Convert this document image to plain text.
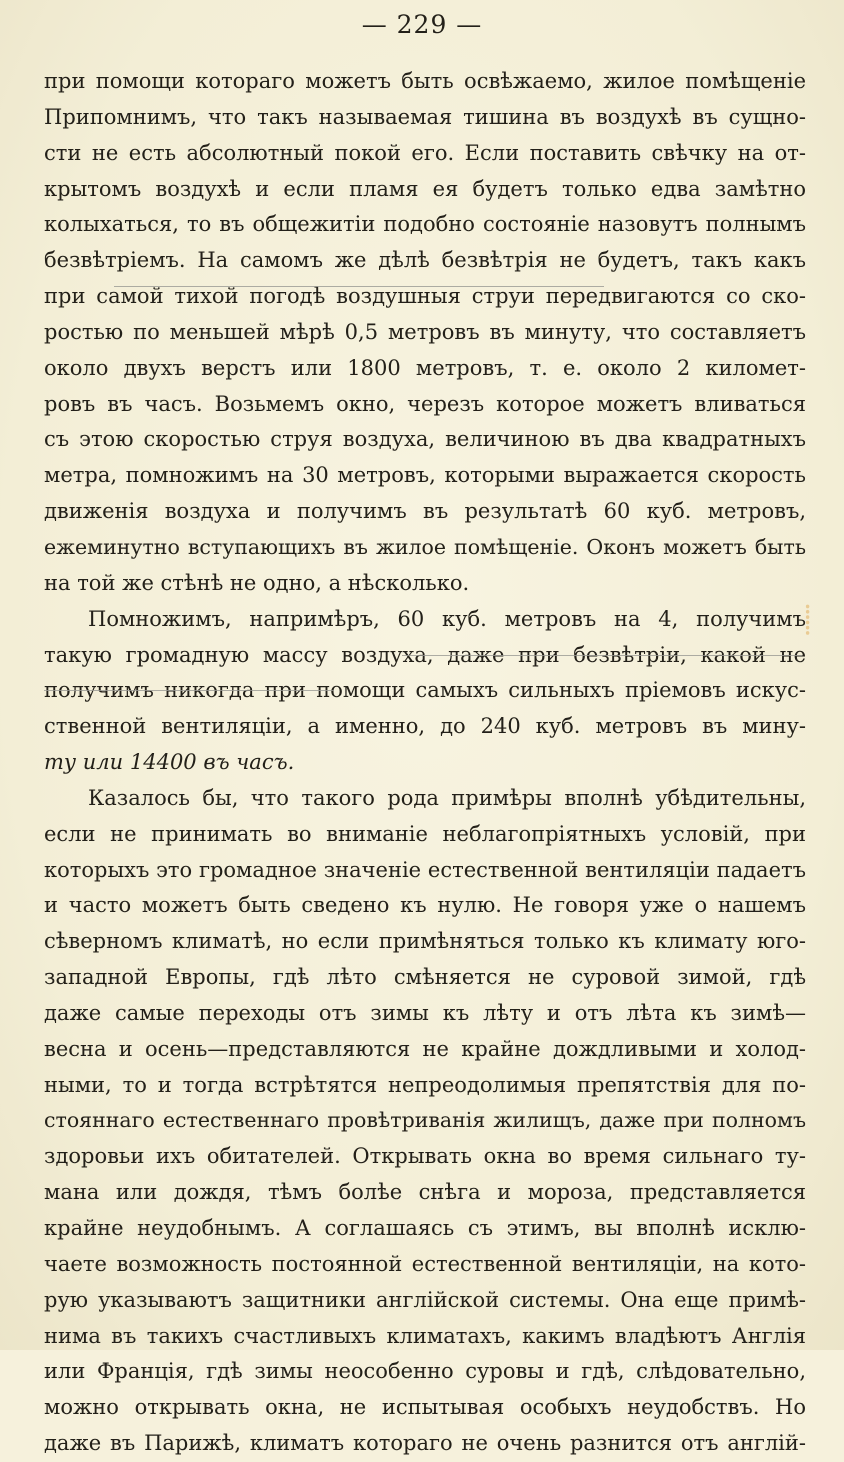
— 229 —
при помощи котораго можетъ быть освѣжаемо, жилое помѣщеніе
Припомнимъ, что такъ называемая тишина въ воздухѣ въ сущно-
сти не есть абсолютный покой его. Если поставить свѣчку на от-
крытомъ воздухѣ и если пламя ея будетъ только едва замѣтно
колыхаться, то въ общежитіи подобно состояніе назовутъ полнымъ
безвѣтріемъ. На самомъ же дѣлѣ безвѣтрія не будетъ, такъ какъ
при самой тихой погодѣ воздушныя струи передвигаются со ско-
ростью по меньшей мѣрѣ 0,5 метровъ въ минуту, что составляетъ
около двухъ верстъ или 1800 метровъ, т. е. около 2 километ-
ровъ въ часъ. Возьмемъ окно, черезъ которое можетъ вливаться
съ этою скоростью струя воздуха, величиною въ два квадратныхъ
метра, помножимъ на 30 метровъ, которыми выражается скорость
движенія воздуха и получимъ въ результатѣ 60 куб. метровъ,
ежеминутно вступающихъ въ жилое помѣщеніе. Оконъ можетъ быть
на той же стѣнѣ не одно, а нѣсколько.
Помножимъ, напримѣръ, 60 куб. метровъ на 4, получимъ
такую громадную массу воздуха, даже при безвѣтріи, какой не
получимъ никогда при помощи самыхъ сильныхъ пріемовъ искус-
ственной вентиляціи, а именно, до 240 куб. метровъ въ мину-
ту или 14400 въ часъ.
Казалось бы, что такого рода примѣры вполнѣ убѣдительны,
если не принимать во вниманіе неблагопріятныхъ условій, при
которыхъ это громадное значеніе естественной вентиляціи падаетъ
и часто можетъ быть сведено къ нулю. Не говоря уже о нашемъ
сѣверномъ климатѣ, но если примѣняться только къ климату юго-
западной Европы, гдѣ лѣто смѣняется не суровой зимой, гдѣ
даже самые переходы отъ зимы къ лѣту и отъ лѣта къ зимѣ—
весна и осень—представляются не крайне дождливыми и холод-
ными, то и тогда встрѣтятся непреодолимыя препятствія для по-
стояннаго естественнаго провѣтриванія жилищъ, даже при полномъ
здоровьи ихъ обитателей. Открывать окна во время сильнаго ту-
мана или дождя, тѣмъ болѣе снѣга и мороза, представляется
крайне неудобнымъ. А соглашаясь съ этимъ, вы вполнѣ исклю-
чаете возможность постоянной естественной вентиляціи, на кото-
рую указываютъ защитники англійской системы. Она еще примѣ-
нима въ такихъ счастливыхъ климатахъ, какимъ владѣютъ Англія
или Франція, гдѣ зимы неособенно суровы и гдѣ, слѣдовательно,
можно открывать окна, не испытывая особыхъ неудобствъ. Но
даже въ Парижѣ, климатъ котораго не очень разнится отъ англій-
⸽
